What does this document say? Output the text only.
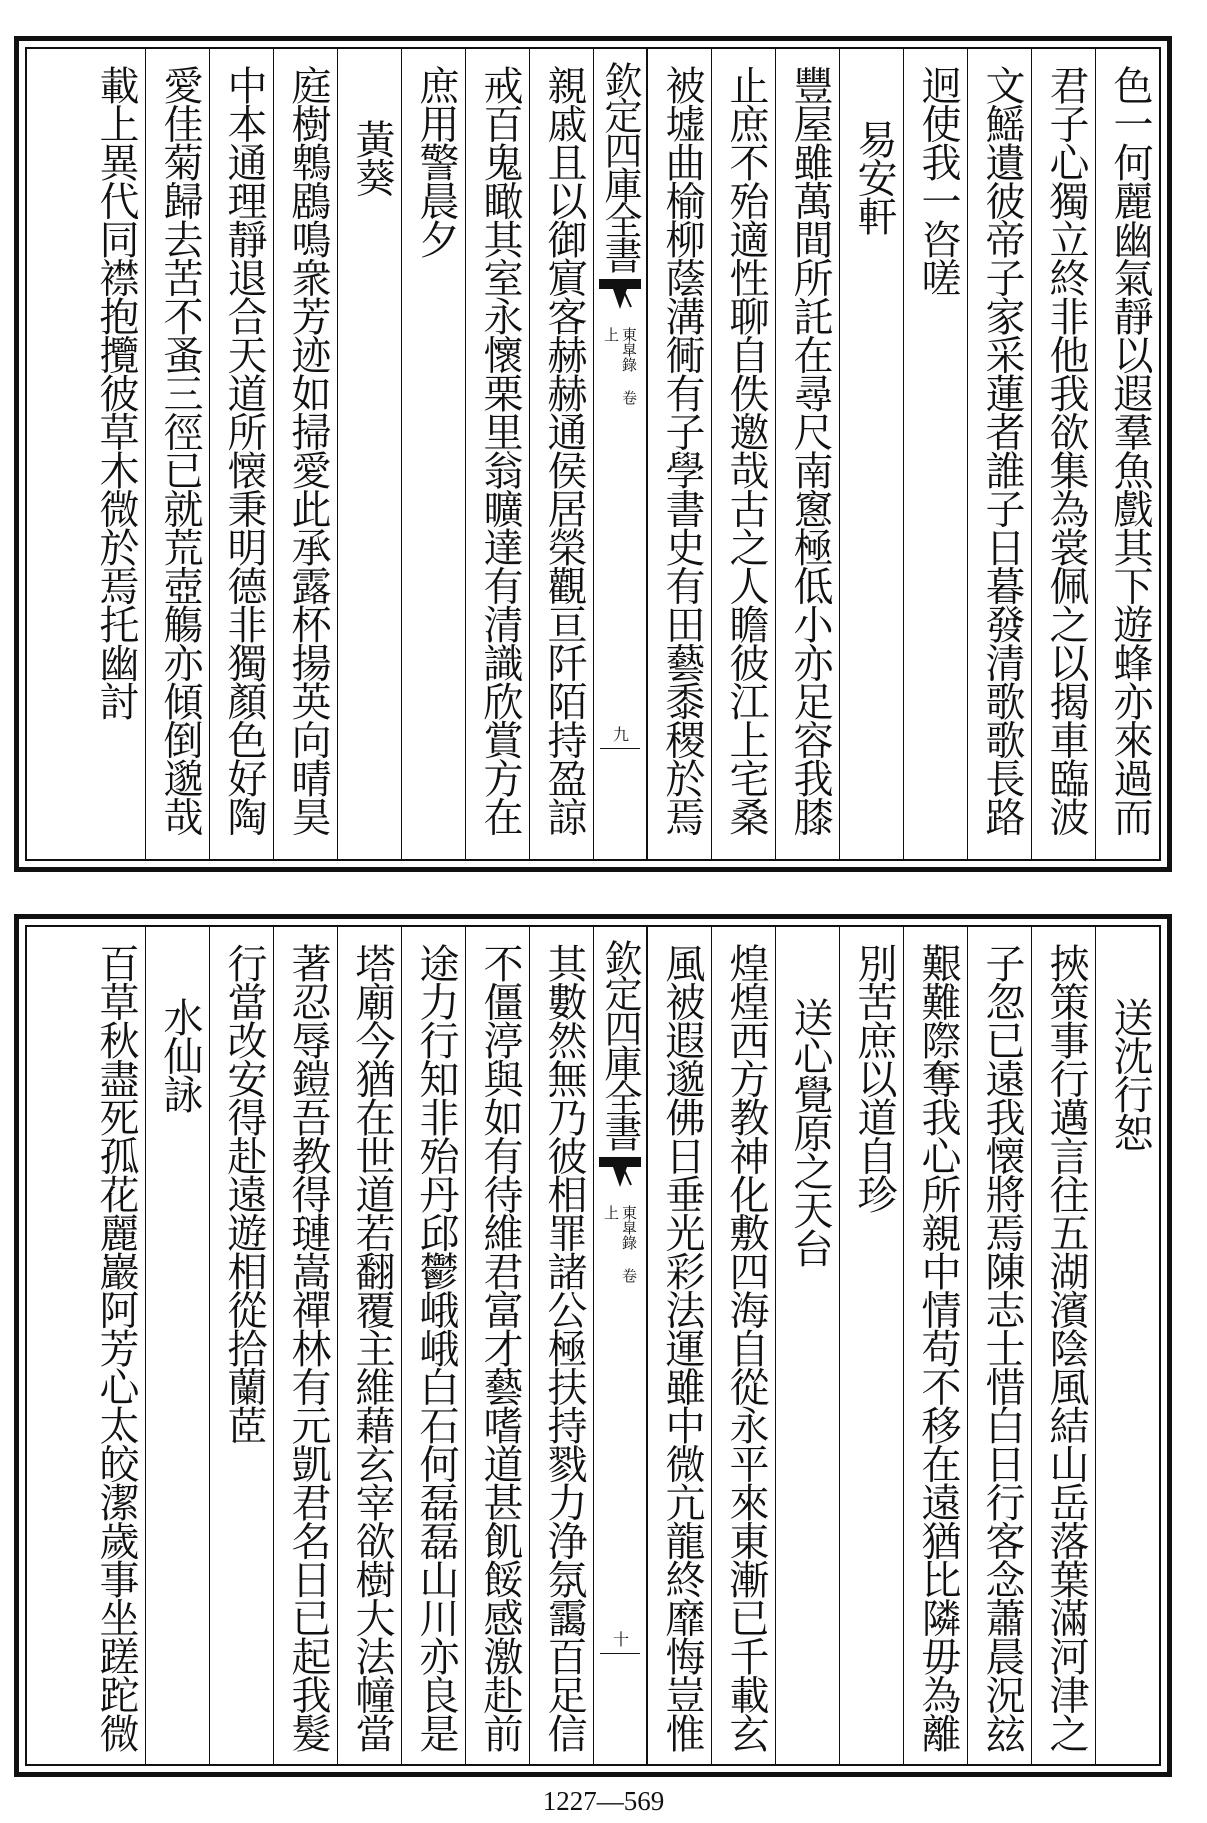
色一何麗幽氣靜以遐羣魚戲其下遊蜂亦來過而
君子心獨立終非他我欲集為裳佩之以揭車臨波
文鰩遺彼帝子家采蓮者誰子日暮發清歌歌長路
迥使我一咨嗟
易安軒
豐屋雖萬間所託在尋尺南窻極低小亦足容我膝
止庶不殆適性聊自佚邀哉古之人瞻彼江上宅桑
被墟曲榆柳蔭溝衕有子學書史有田藝黍稷於焉
欽定四庫全書
東皐錄 卷上
九
親戚且以御賔客赫赫通侯居榮觀亘阡陌持盈諒
戒百鬼瞰其室永懷栗里翁曠達有清識欣賞方在
庶用警晨夕
黃葵
庭樹鵯鶋鳴衆芳迹如掃愛此承露杯揚英向晴昊
中本通理靜退合天道所懐秉明德非獨顏色好陶
愛佳菊歸去苦不蚤三徑已就荒壺觴亦傾倒邈哉
載上異代同襟抱攬彼草木微於焉托幽討
送沈行恕
挾策事行邁言往五湖濱陰風結山岳落葉滿河津之
子忽已遠我懐將焉陳志士惜白日行客念蕭晨況玆
艱難際奪我心所親中情苟不移在遠猶比隣毋為離
別苦庶以道自珍
送心覺原之天台
煌煌西方教神化敷四海自從永平來東漸已千載玄
風被遐邈佛日垂光彩法運雖中微亢龍終靡悔豈惟
欽定四庫全書
東皐錄 卷上
十
其數然無乃彼相罪諸公極扶持戮力浄氛靄百足信
不僵渟與如有待維君富才藝嗜道甚飢餒感激赴前
途力行知非殆丹邱鬱峨峨白石何磊磊山川亦良是
塔廟今猶在世道若翻覆主維藉玄宰欲樹大法幢當
著忍辱鎧吾教得璉嵩禪林有元凱君名日已起我髮
行當改安得赴遠遊相從拾蘭茝
水仙詠
百草秋盡死孤花麗巖阿芳心太皎潔歲事坐蹉跎微
1227—569
